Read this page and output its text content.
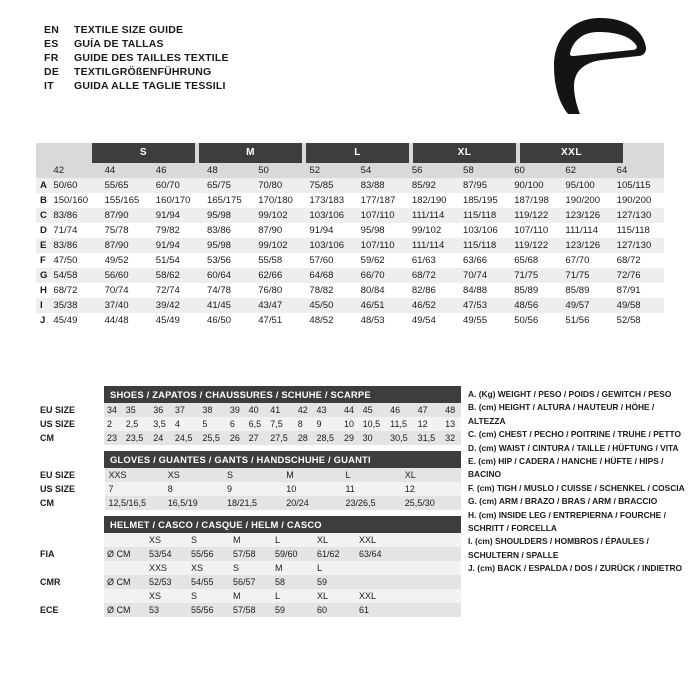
EN	TEXTILE SIZE GUIDE
ES	GUÍA DE TALLAS
FR	GUIDE DES TAILLES TEXTILE
DE	TEXTILGRÖßENFÜHRUNG
IT	GUIDA ALLE TAGLIE TESSILI
S	M	L	XL	XXL
	42	44	46	48	50	52	54	56	58	60	62	64
A	50/60	55/65	60/70	65/75	70/80	75/85	83/88	85/92	87/95	90/100	95/100	105/115
B	150/160	155/165	160/170	165/175	170/180	173/183	177/187	182/190	185/195	187/198	190/200	190/200
C	83/86	87/90	91/94	95/98	99/102	103/106	107/110	111/114	115/118	119/122	123/126	127/130
D	71/74	75/78	79/82	83/86	87/90	91/94	95/98	99/102	103/106	107/110	111/114	115/118
E	83/86	87/90	91/94	95/98	99/102	103/106	107/110	111/114	115/118	119/122	123/126	127/130
F	47/50	49/52	51/54	53/56	55/58	57/60	59/62	61/63	63/66	65/68	67/70	68/72
G	54/58	56/60	58/62	60/64	62/66	64/68	66/70	68/72	70/74	71/75	71/75	72/76
H	68/72	70/74	72/74	74/78	76/80	78/82	80/84	82/86	84/88	85/89	85/89	87/91
I	35/38	37/40	39/42	41/45	43/47	45/50	46/51	46/52	47/53	48/56	49/57	49/58
J	45/49	44/48	45/49	46/50	47/51	48/52	48/53	49/54	49/55	50/56	51/56	52/58
SHOES / ZAPATOS / CHAUSSURES / SCHUHE / SCARPE
EU SIZE	34	35	36	37	38	39	40	41	42	43	44	45	46	47	48
US SIZE	2	2,5	3,5	4	5	6	6,5	7,5	8	9	10	10,5	11,5	12	13
CM	23	23,5	24	24,5	25,5	26	27	27,5	28	28,5	29	30	30,5	31,5	32
GLOVES / GUANTES / GANTS / HANDSCHUHE / GUANTI
EU SIZE	XXS	XS	S	M	L	XL
US SIZE	7	8	9	10	11	12
CM	12,5/16,5	16,5/19	18/21,5	20/24	23/26,5	25,5/30
HELMET / CASCO / CASQUE / HELM / CASCO
		XS	S	M	L	XL	XXL	
FIA	Ø CM	53/54	55/56	57/58	59/60	61/62	63/64	
		XXS	XS	S	M	L		
CMR	Ø CM	52/53	54/55	56/57	58	59		
		XS	S	M	L	XL	XXL	
ECE	Ø CM	53	55/56	57/58	59	60	61	
A. (Kg) WEIGHT / PESO / POIDS / GEWITCH / PESO
B. (cm) HEIGHT / ALTURA / HAUTEUR / HÖHE / ALTEZZA
C. (cm) CHEST / PECHO / POITRINE / TRUHE / PETTO
D. (cm) WAIST / CINTURA / TAILLE / HÜFTUNG / VITA
E. (cm) HIP / CADERA / HANCHE / HÜFTE / HIPS / BACINO
F. (cm) TIGH / MUSLO / CUISSE / SCHENKEL / COSCIA
G. (cm) ARM / BRAZO / BRAS / ARM / BRACCIO
H. (cm) INSIDE LEG / ENTREPIERNA / FOURCHE /
SCHRITT / FORCELLA
I. (cm) SHOULDERS / HOMBROS / ÉPAULES /
SCHULTERN / SPALLE
J. (cm) BACK / ESPALDA / DOS / ZURÜCK / INDIETRO
